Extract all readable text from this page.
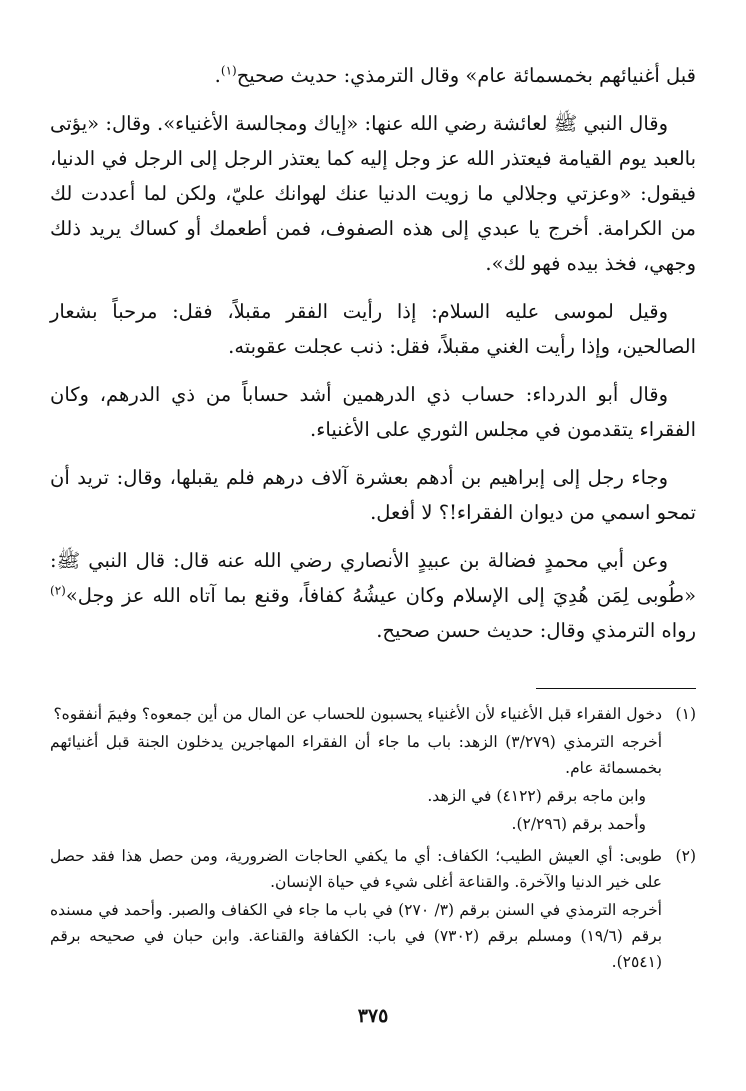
قبل أغنيائهم بخمسمائة عام» وقال الترمذي: حديث صحيح$^{(١)}$.

وقال النبي ﷺ لعائشة رضي الله عنها: «إياك ومجالسة الأغنياء». وقال: «يؤتى بالعبد يوم القيامة فيعتذر الله عز وجل إليه كما يعتذر الرجل إلى الرجل في الدنيا، فيقول: «وعزتي وجلالي ما زويت الدنيا عنك لهوانك عليّ، ولكن لما أعددت لك من الكرامة. أخرج يا عبدي إلى هذه الصفوف، فمن أطعمك أو كساك يريد ذلك وجهي، فخذ بيده فهو لك».

وقيل لموسى عليه السلام: إذا رأيت الفقر مقبلاً، فقل: مرحباً بشعار الصالحين، وإذا رأيت الغني مقبلاً، فقل: ذنب عجلت عقوبته.

وقال أبو الدرداء: حساب ذي الدرهمين أشد حساباً من ذي الدرهم، وكان الفقراء يتقدمون في مجلس الثوري على الأغنياء.

وجاء رجل إلى إبراهيم بن أدهم بعشرة آلاف درهم فلم يقبلها، وقال: تريد أن تمحو اسمي من ديوان الفقراء!؟ لا أفعل.

وعن أبي محمدٍ فضالة بن عبيدٍ الأنصاري رضي الله عنه قال: قال النبي ﷺ: «طُوبى لِمَن هُدِيَ إلى الإسلام وكان عيشُهُ كفافاً، وقنع بما آتاه الله عز وجل»$^{(٢)}$ رواه الترمذي وقال: حديث حسن صحيح.

(١)
دخول الفقراء قبل الأغنياء لأن الأغنياء يحسبون للحساب عن المال من أين جمعوه؟ وفيمَ أنفقوه؟
أخرجه الترمذي (٣/٢٧٩) الزهد: باب ما جاء أن الفقراء المهاجرين يدخلون الجنة قبل أغنيائهم بخمسمائة عام.
وابن ماجه برقم (٤١٢٢) في الزهد.
وأحمد برقم (٢/٢٩٦).
(٢)
طوبى: أي العيش الطيب؛ الكفاف: أي ما يكفي الحاجات الضرورية، ومن حصل هذا فقد حصل على خير الدنيا والآخرة. والقناعة أغلى شيء في حياة الإنسان.
أخرجه الترمذي في السنن برقم (٣/ ٢٧٠) في باب ما جاء في الكفاف والصبر. وأحمد في مسنده برقم (١٩/٦) ومسلم برقم (٧٣٠٢) في باب: الكفافة والقناعة. وابن حبان في صحيحه برقم (٢٥٤١).
٣٧٥
